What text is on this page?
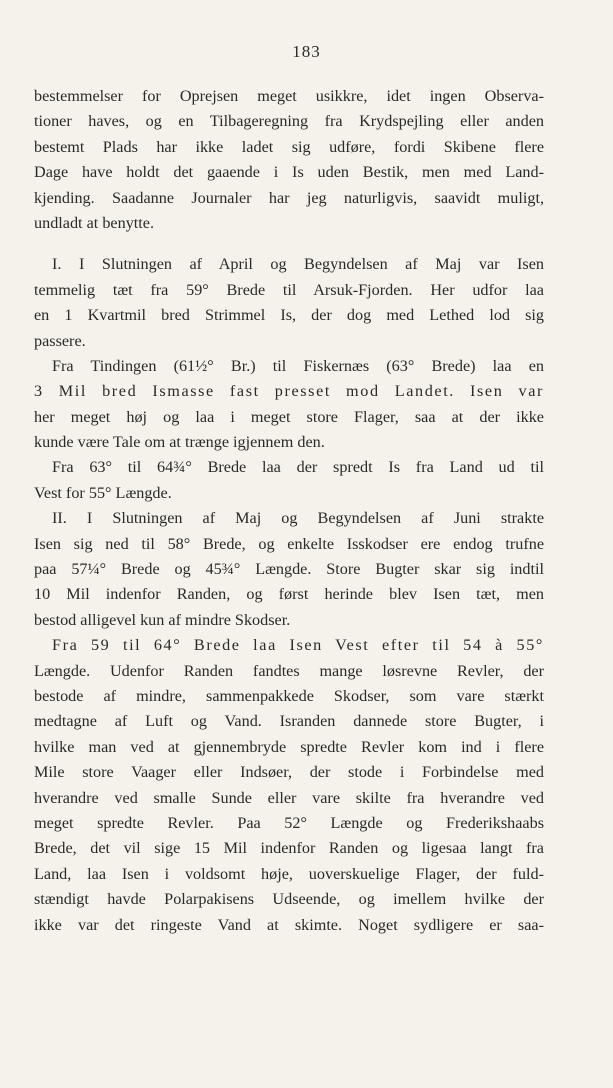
183
bestemmelser for Oprejsen meget usikkre, idet ingen Observa-
tioner haves, og en Tilbageregning fra Krydspejling eller anden
bestemt Plads har ikke ladet sig udføre, fordi Skibene flere
Dage have holdt det gaaende i Is uden Bestik, men med Land-
kjending. Saadanne Journaler har jeg naturligvis, saavidt muligt,
undladt at benytte.
I. I Slutningen af April og Begyndelsen af Maj var Isen
temmelig tæt fra 59° Brede til Arsuk-Fjorden. Her udfor laa
en 1 Kvartmil bred Strimmel Is, der dog med Lethed lod sig
passere.
Fra Tindingen (61½° Br.) til Fiskernæs (63° Brede) laa en
3 Mil bred Ismasse fast presset mod Landet. Isen var
her meget høj og laa i meget store Flager, saa at der ikke
kunde være Tale om at trænge igjennem den.
Fra 63° til 64¾° Brede laa der spredt Is fra Land ud til
Vest for 55° Længde.
II. I Slutningen af Maj og Begyndelsen af Juni strakte
Isen sig ned til 58° Brede, og enkelte Isskodser ere endog trufne
paa 57¼° Brede og 45¾° Længde. Store Bugter skar sig indtil
10 Mil indenfor Randen, og først herinde blev Isen tæt, men
bestod alligevel kun af mindre Skodser.
Fra 59 til 64° Brede laa Isen Vest efter til 54 à 55°
Længde. Udenfor Randen fandtes mange løsrevne Revler, der
bestode af mindre, sammenpakkede Skodser, som vare stærkt
medtagne af Luft og Vand. Isranden dannede store Bugter, i
hvilke man ved at gjennembryde spredte Revler kom ind i flere
Mile store Vaager eller Indsøer, der stode i Forbindelse med
hverandre ved smalle Sunde eller vare skilte fra hverandre ved
meget spredte Revler. Paa 52° Længde og Frederikshaabs
Brede, det vil sige 15 Mil indenfor Randen og ligesaa langt fra
Land, laa Isen i voldsomt høje, uoverskuelige Flager, der fuld-
stændigt havde Polarpakisens Udseende, og imellem hvilke der
ikke var det ringeste Vand at skimte. Noget sydligere er saa-
